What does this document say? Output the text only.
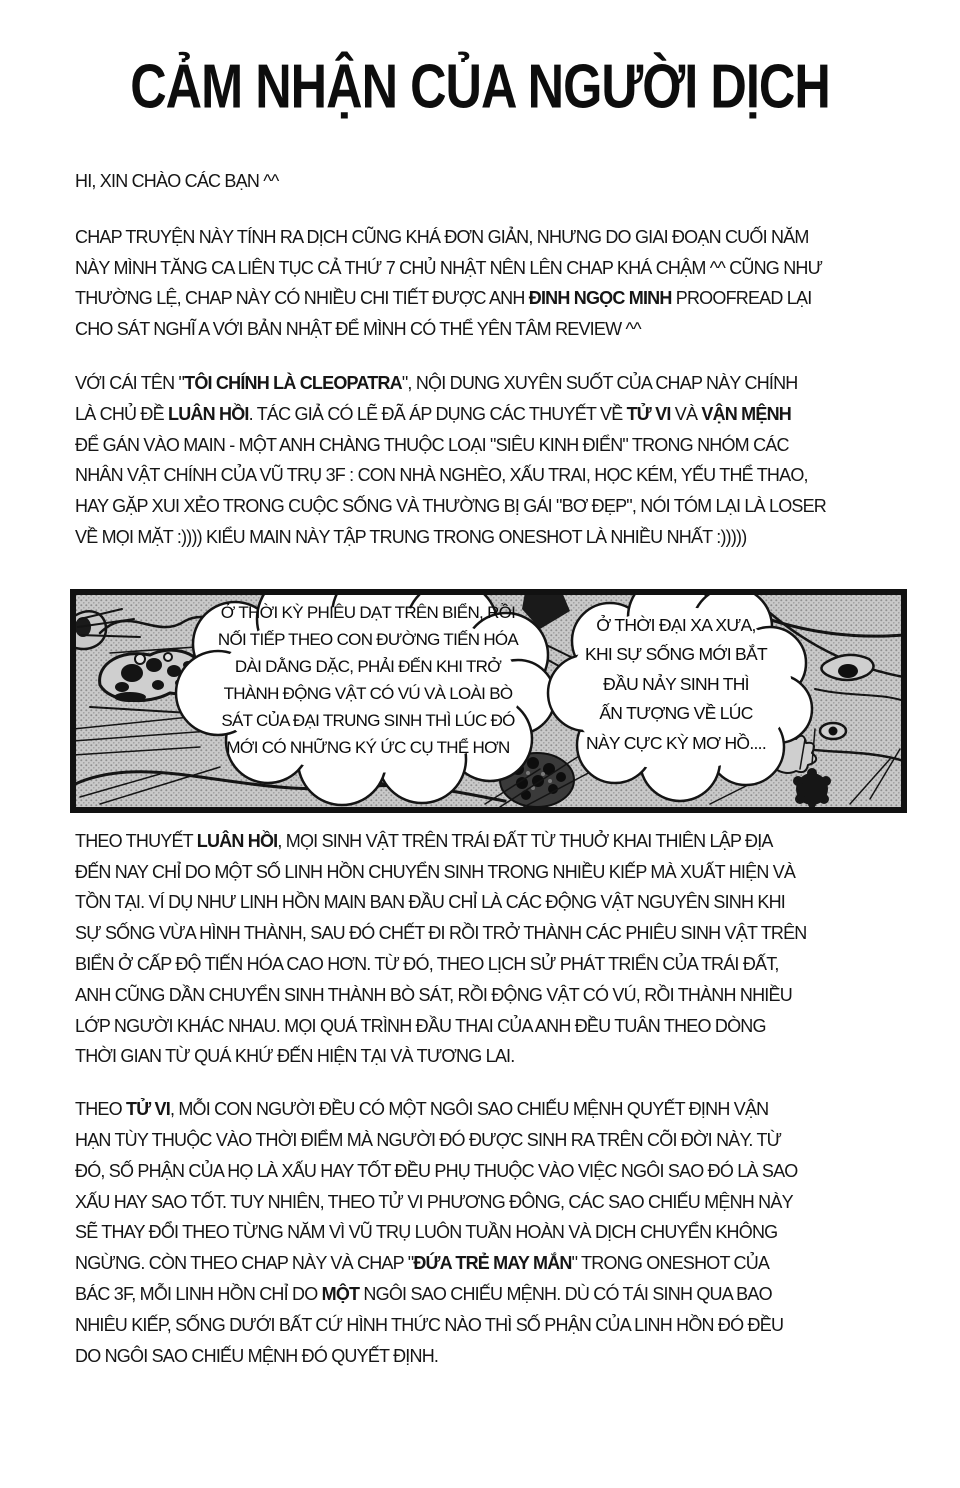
CẢM NHẬN CỦA NGƯỜI DỊCH

HI, XIN CHÀO CÁC BẠN ^^

CHAP TRUYỆN NÀY TÍNH RA DỊCH CŨNG KHÁ ĐƠN GIẢN, NHƯNG DO GIAI ĐOẠN CUỐI NĂM
NÀY MÌNH TĂNG CA LIÊN TỤC CẢ THỨ 7 CHỦ NHẬT NÊN LÊN CHAP KHÁ CHẬM ^^ CŨNG NHƯ
THƯỜNG LỆ, CHAP NÀY CÓ NHIỀU CHI TIẾT ĐƯỢC ANH ĐINH NGỌC MINH PROOFREAD LẠI
CHO SÁT NGHĨ A VỚI BẢN NHẬT ĐỂ MÌNH CÓ THỂ YÊN TÂM REVIEW ^^
VỚI CÁI TÊN "TÔI CHÍNH LÀ CLEOPATRA", NỘI DUNG XUYÊN SUỐT CỦA CHAP NÀY CHÍNH
LÀ CHỦ ĐỀ LUÂN HỒI. TÁC GIẢ CÓ LẼ ĐÃ ÁP DỤNG CÁC THUYẾT VỀ TỬ VI VÀ VẬN MỆNH
ĐỂ GÁN VÀO MAIN - MỘT ANH CHÀNG THUỘC LOẠI "SIÊU KINH ĐIỂN" TRONG NHÓM CÁC
NHÂN VẬT CHÍNH CỦA VŨ TRỤ 3F : CON NHÀ NGHÈO, XẤU TRAI, HỌC KÉM, YẾU THỂ THAO,
HAY GẶP XUI XẺO TRONG CUỘC SỐNG VÀ THƯỜNG BỊ GÁI "BƠ ĐẸP", NÓI TÓM LẠI LÀ LOSER
VỀ MỌI MẶT :)))) KIỂU MAIN NÀY TẬP TRUNG TRONG ONESHOT LÀ NHIỀU NHẤT :)))))
Ở THỜI KỲ PHIÊU DẠT TRÊN BIỂN, RỒI
NỐI TIẾP THEO CON ĐƯỜNG TIẾN HÓA
DÀI DẰNG DẶC, PHẢI ĐẾN KHI TRỞ
THÀNH ĐỘNG VẬT CÓ VÚ VÀ LOÀI BÒ
SÁT CỦA ĐẠI TRUNG SINH THÌ LÚC ĐÓ
MỚI CÓ NHỮNG KÝ ỨC CỤ THỂ HƠN
Ở THỜI ĐẠI XA XƯA,
KHI SỰ SỐNG MỚI BẮT
ĐẦU NẢY SINH THÌ
ẤN TƯỢNG VỀ LÚC
NÀY CỰC KỲ MƠ HỒ....
THEO THUYẾT LUÂN HỒI, MỌI SINH VẬT TRÊN TRÁI ĐẤT TỪ THUỞ KHAI THIÊN LẬP ĐỊA
ĐẾN NAY CHỈ DO MỘT SỐ LINH HỒN CHUYỂN SINH TRONG NHIỀU KIẾP MÀ XUẤT HIỆN VÀ
TỒN TẠI. VÍ DỤ NHƯ LINH HỒN MAIN BAN ĐẦU CHỈ LÀ CÁC ĐỘNG VẬT NGUYÊN SINH KHI
SỰ SỐNG VỪA HÌNH THÀNH, SAU ĐÓ CHẾT ĐI RỒI TRỞ THÀNH CÁC PHIÊU SINH VẬT TRÊN
BIỂN Ở CẤP ĐỘ TIẾN HÓA CAO HƠN. TỪ ĐÓ, THEO LỊCH SỬ PHÁT TRIỂN CỦA TRÁI ĐẤT,
ANH CŨNG DẦN CHUYỂN SINH THÀNH BÒ SÁT, RỒI ĐỘNG VẬT CÓ VÚ, RỒI THÀNH NHIỀU
LỚP NGƯỜI KHÁC NHAU. MỌI QUÁ TRÌNH ĐẦU THAI CỦA ANH ĐỀU TUÂN THEO DÒNG
THỜI GIAN TỪ QUÁ KHỨ ĐẾN HIỆN TẠI VÀ TƯƠNG LAI.
THEO TỬ VI, MỖI CON NGƯỜI ĐỀU CÓ MỘT NGÔI SAO CHIẾU MỆNH QUYẾT ĐỊNH VẬN
HẠN TÙY THUỘC VÀO THỜI ĐIỂM MÀ NGƯỜI ĐÓ ĐƯỢC SINH RA TRÊN CÕI ĐỜI NÀY. TỪ
ĐÓ, SỐ PHẬN CỦA HỌ LÀ XẤU HAY TỐT ĐỀU PHỤ THUỘC VÀO VIỆC NGÔI SAO ĐÓ LÀ SAO
XẤU HAY SAO TỐT. TUY NHIÊN, THEO TỬ VI PHƯƠNG ĐÔNG, CÁC SAO CHIẾU MỆNH NÀY
SẼ THAY ĐỔI THEO TỪNG NĂM VÌ VŨ TRỤ LUÔN TUẦN HOÀN VÀ DỊCH CHUYỂN KHÔNG
NGỪNG. CÒN THEO CHAP NÀY VÀ CHAP "ĐỨA TRẺ MAY MẮN" TRONG ONESHOT CỦA
BÁC 3F, MỖI LINH HỒN CHỈ DO MỘT NGÔI SAO CHIẾU MỆNH. DÙ CÓ TÁI SINH QUA BAO
NHIÊU KIẾP, SỐNG DƯỚI BẤT CỨ HÌNH THỨC NÀO THÌ SỐ PHẬN CỦA LINH HỒN ĐÓ ĐỀU
DO NGÔI SAO CHIẾU MỆNH ĐÓ QUYẾT ĐỊNH.
